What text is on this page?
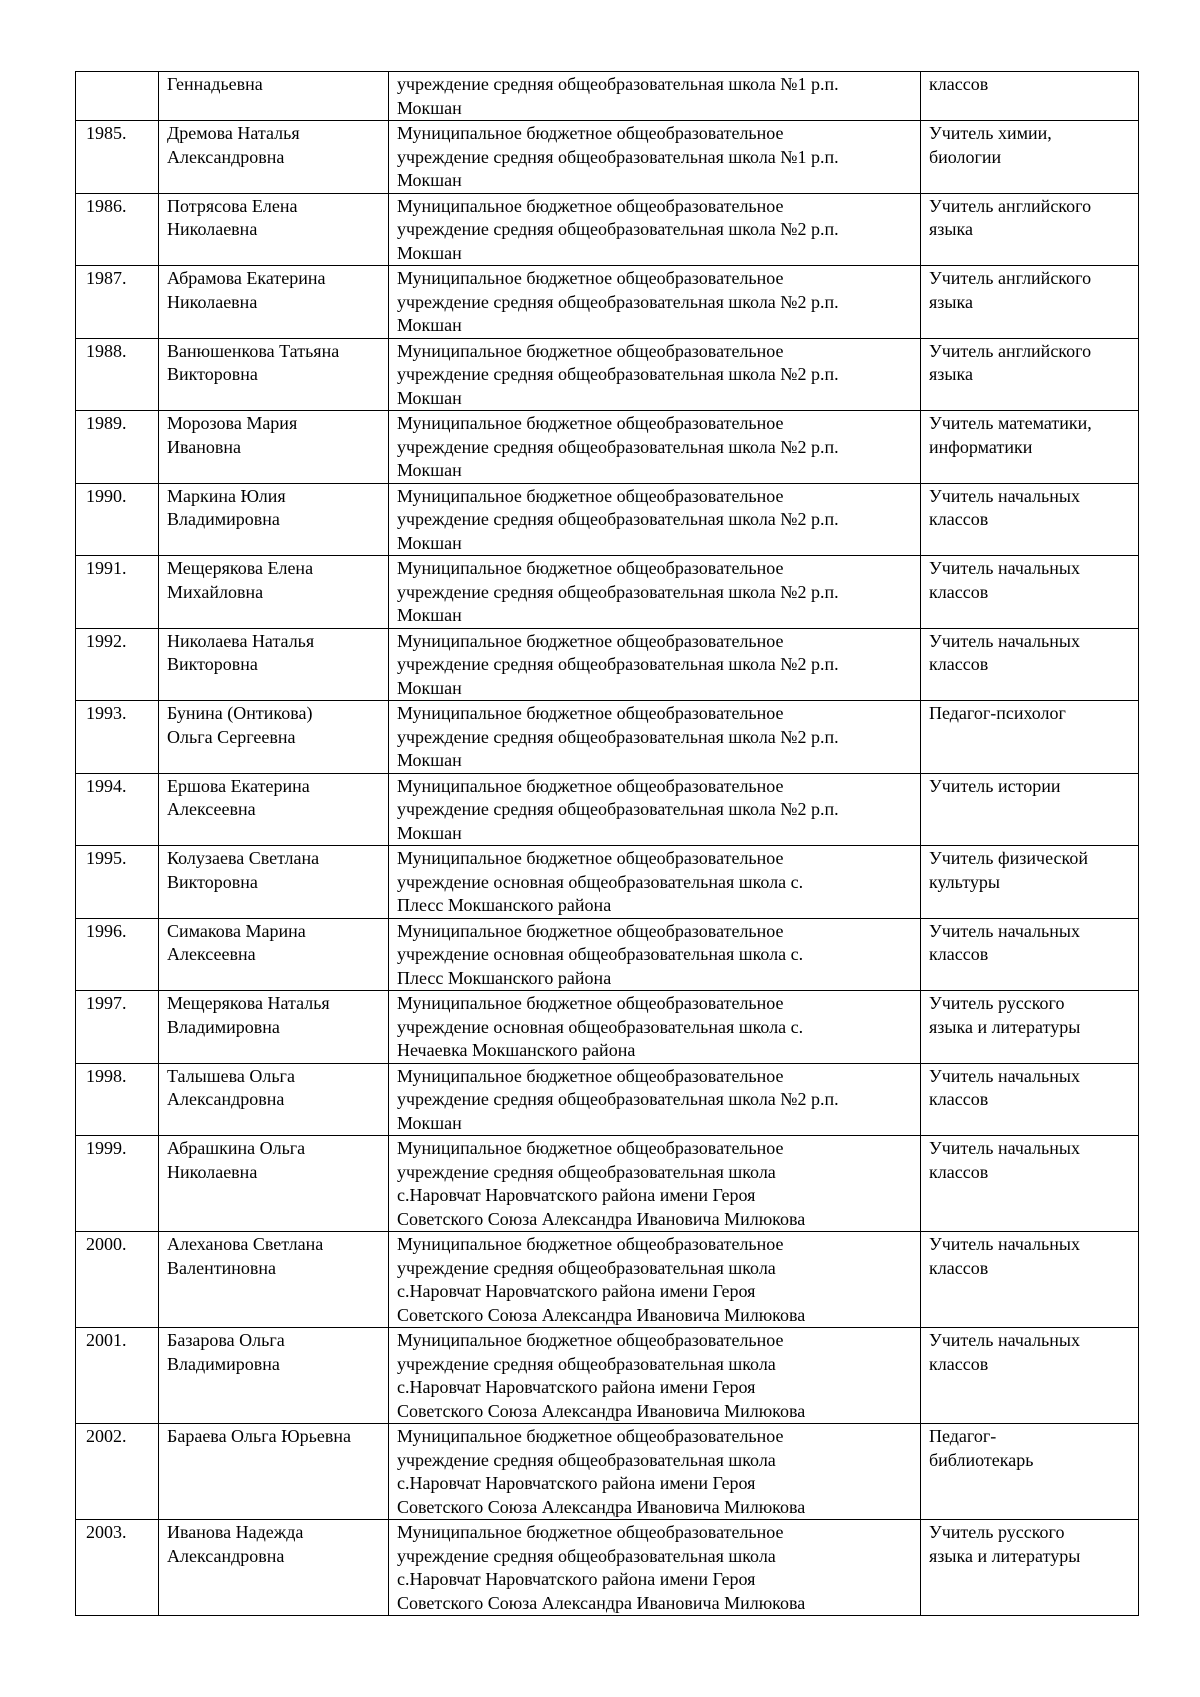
	Геннадьевна	учреждение средняя общеобразовательная школа №1 р.п.
Мокшан	классов

1985.	Дремова Наталья
Александровна	Муниципальное бюджетное общеобразовательное
учреждение средняя общеобразовательная школа №1 р.п.
Мокшан	Учитель химии,
биологии

1986.	Потрясова Елена
Николаевна	Муниципальное бюджетное общеобразовательное
учреждение средняя общеобразовательная школа №2 р.п.
Мокшан	Учитель английского
языка

1987.	Абрамова Екатерина
Николаевна	Муниципальное бюджетное общеобразовательное
учреждение средняя общеобразовательная школа №2 р.п.
Мокшан	Учитель английского
языка

1988.	Ванюшенкова Татьяна
Викторовна	Муниципальное бюджетное общеобразовательное
учреждение средняя общеобразовательная школа №2 р.п.
Мокшан	Учитель английского
языка

1989.	Морозова Мария
Ивановна	Муниципальное бюджетное общеобразовательное
учреждение средняя общеобразовательная школа №2 р.п.
Мокшан	Учитель математики,
информатики

1990.	Маркина Юлия
Владимировна	Муниципальное бюджетное общеобразовательное
учреждение средняя общеобразовательная школа №2 р.п.
Мокшан	Учитель начальных
классов

1991.	Мещерякова Елена
Михайловна	Муниципальное бюджетное общеобразовательное
учреждение средняя общеобразовательная школа №2 р.п.
Мокшан	Учитель начальных
классов

1992.	Николаева Наталья
Викторовна	Муниципальное бюджетное общеобразовательное
учреждение средняя общеобразовательная школа №2 р.п.
Мокшан	Учитель начальных
классов

1993.	Бунина (Онтикова)
Ольга Сергеевна	Муниципальное бюджетное общеобразовательное
учреждение средняя общеобразовательная школа №2 р.п.
Мокшан	Педагог-психолог

1994.	Ершова Екатерина
Алексеевна	Муниципальное бюджетное общеобразовательное
учреждение средняя общеобразовательная школа №2 р.п.
Мокшан	Учитель истории

1995.	Колузаева Светлана
Викторовна	Муниципальное бюджетное общеобразовательное
учреждение основная общеобразовательная школа с.
Плесс Мокшанского района	Учитель физической
культуры

1996.	Симакова Марина
Алексеевна	Муниципальное бюджетное общеобразовательное
учреждение основная общеобразовательная школа с.
Плесс Мокшанского района	Учитель начальных
классов

1997.	Мещерякова Наталья
Владимировна	Муниципальное бюджетное общеобразовательное
учреждение основная общеобразовательная школа с.
Нечаевка Мокшанского района	Учитель русского
языка и литературы

1998.	Талышева Ольга
Александровна	Муниципальное бюджетное общеобразовательное
учреждение средняя общеобразовательная школа №2 р.п.
Мокшан	Учитель начальных
классов

1999.	Абрашкина Ольга
Николаевна	Муниципальное бюджетное общеобразовательное
учреждение средняя общеобразовательная школа
с.Наровчат Наровчатского района имени Героя
Советского Союза Александра Ивановича Милюкова	Учитель начальных
классов

2000.	Алеханова Светлана
Валентиновна	Муниципальное бюджетное общеобразовательное
учреждение средняя общеобразовательная школа
с.Наровчат Наровчатского района имени Героя
Советского Союза Александра Ивановича Милюкова	Учитель начальных
классов

2001.	Базарова Ольга
Владимировна	Муниципальное бюджетное общеобразовательное
учреждение средняя общеобразовательная школа
с.Наровчат Наровчатского района имени Героя
Советского Союза Александра Ивановича Милюкова	Учитель начальных
классов

2002.	Бараева Ольга Юрьевна	Муниципальное бюджетное общеобразовательное
учреждение средняя общеобразовательная школа
с.Наровчат Наровчатского района имени Героя
Советского Союза Александра Ивановича Милюкова	Педагог-
библиотекарь

2003.	Иванова Надежда
Александровна	Муниципальное бюджетное общеобразовательное
учреждение средняя общеобразовательная школа
с.Наровчат Наровчатского района имени Героя
Советского Союза Александра Ивановича Милюкова	Учитель русского
языка и литературы
